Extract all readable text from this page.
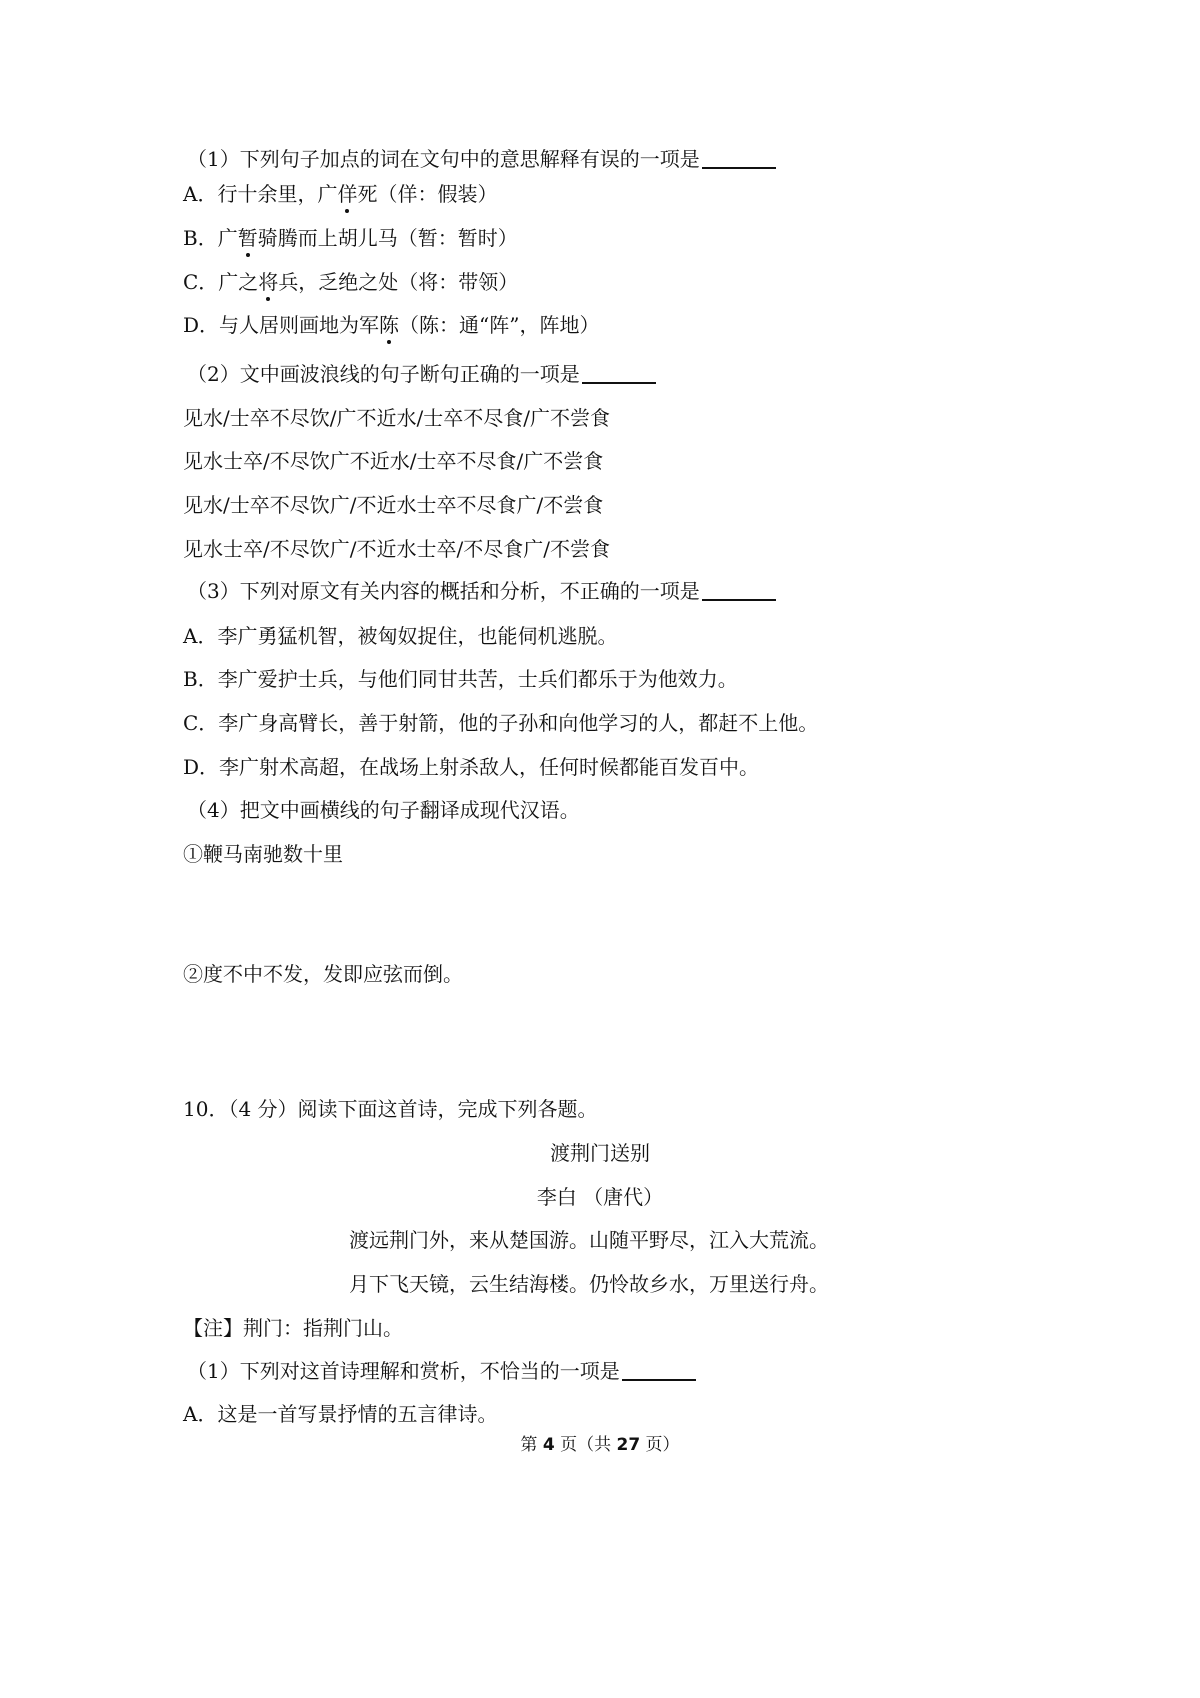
（1）下列句子加点的词在文句中的意思解释有误的一项是
A．行十余里，广佯死（佯：假装）
B．广暂骑腾而上胡儿马（暂：暂时）
C．广之将兵，乏绝之处（将：带领）
D．与人居则画地为军陈（陈：通“阵”，阵地）
（2）文中画波浪线的句子断句正确的一项是
见水/士卒不尽饮/广不近水/士卒不尽食/广不尝食
见水士卒/不尽饮广不近水/士卒不尽食/广不尝食
见水/士卒不尽饮广/不近水士卒不尽食广/不尝食
见水士卒/不尽饮广/不近水士卒/不尽食广/不尝食
（3）下列对原文有关内容的概括和分析，不正确的一项是
A．李广勇猛机智，被匈奴捉住，也能伺机逃脱。
B．李广爱护士兵，与他们同甘共苦，士兵们都乐于为他效力。
C．李广身高臂长，善于射箭，他的子孙和向他学习的人，都赶不上他。
D．李广射术高超，在战场上射杀敌人，任何时候都能百发百中。
（4）把文中画横线的句子翻译成现代汉语。
①鞭马南驰数十里
②度不中不发，发即应弦而倒。
10．（4 分）阅读下面这首诗，完成下列各题。
渡荆门送别
李白 （唐代）
渡远荆门外，来从楚国游。山随平野尽，江入大荒流。
月下飞天镜，云生结海楼。仍怜故乡水，万里送行舟。
【注】荆门：指荆门山。
（1）下列对这首诗理解和赏析，不恰当的一项是
A．这是一首写景抒情的五言律诗。
第 4 页（共 27 页）
